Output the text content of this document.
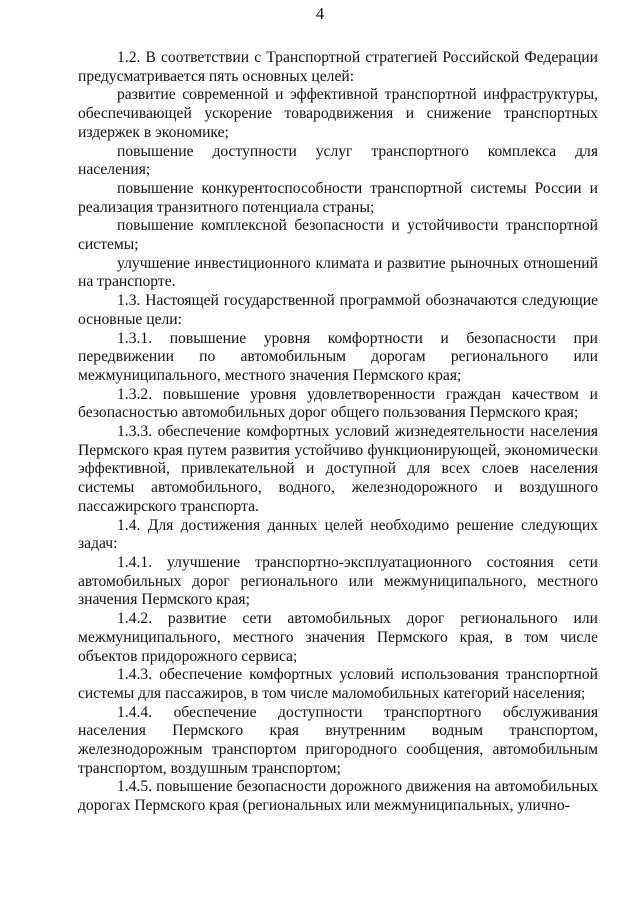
4

1.2. В соответствии с Транспортной стратегией Российской Федерации предусматривается пять основных целей:

развитие современной и эффективной транспортной инфраструктуры, обеспечивающей ускорение товародвижения и снижение транспортных издержек в экономике;

повышение доступности услуг транспортного комплекса для населения;

повышение конкурентоспособности транспортной системы России и реализация транзитного потенциала страны;

повышение комплексной безопасности и устойчивости транспортной системы;

улучшение инвестиционного климата и развитие рыночных отношений на транспорте.

1.3. Настоящей государственной программой обозначаются следующие основные цели:

1.3.1. повышение уровня комфортности и безопасности при передвижении по автомобильным дорогам регионального или межмуниципального, местного значения Пермского края;

1.3.2. повышение уровня удовлетворенности граждан качеством и безопасностью автомобильных дорог общего пользования Пермского края;

1.3.3. обеспечение комфортных условий жизнедеятельности населения Пермского края путем развития устойчиво функционирующей, экономически эффективной, привлекательной и доступной для всех слоев населения системы автомобильного, водного, железнодорожного и воздушного пассажирского транспорта.

1.4. Для достижения данных целей необходимо решение следующих задач:

1.4.1. улучшение транспортно-эксплуатационного состояния сети автомобильных дорог регионального или межмуниципального, местного значения Пермского края;

1.4.2. развитие сети автомобильных дорог регионального или межмуниципального, местного значения Пермского края, в том числе объектов придорожного сервиса;

1.4.3. обеспечение комфортных условий использования транспортной системы для пассажиров, в том числе маломобильных категорий населения;

1.4.4. обеспечение доступности транспортного обслуживания населения Пермского края внутренним водным транспортом, железнодорожным транспортом пригородного сообщения, автомобильным транспортом, воздушным транспортом;

1.4.5. повышение безопасности дорожного движения на автомобильных дорогах Пермского края (региональных или межмуниципальных, улично-
